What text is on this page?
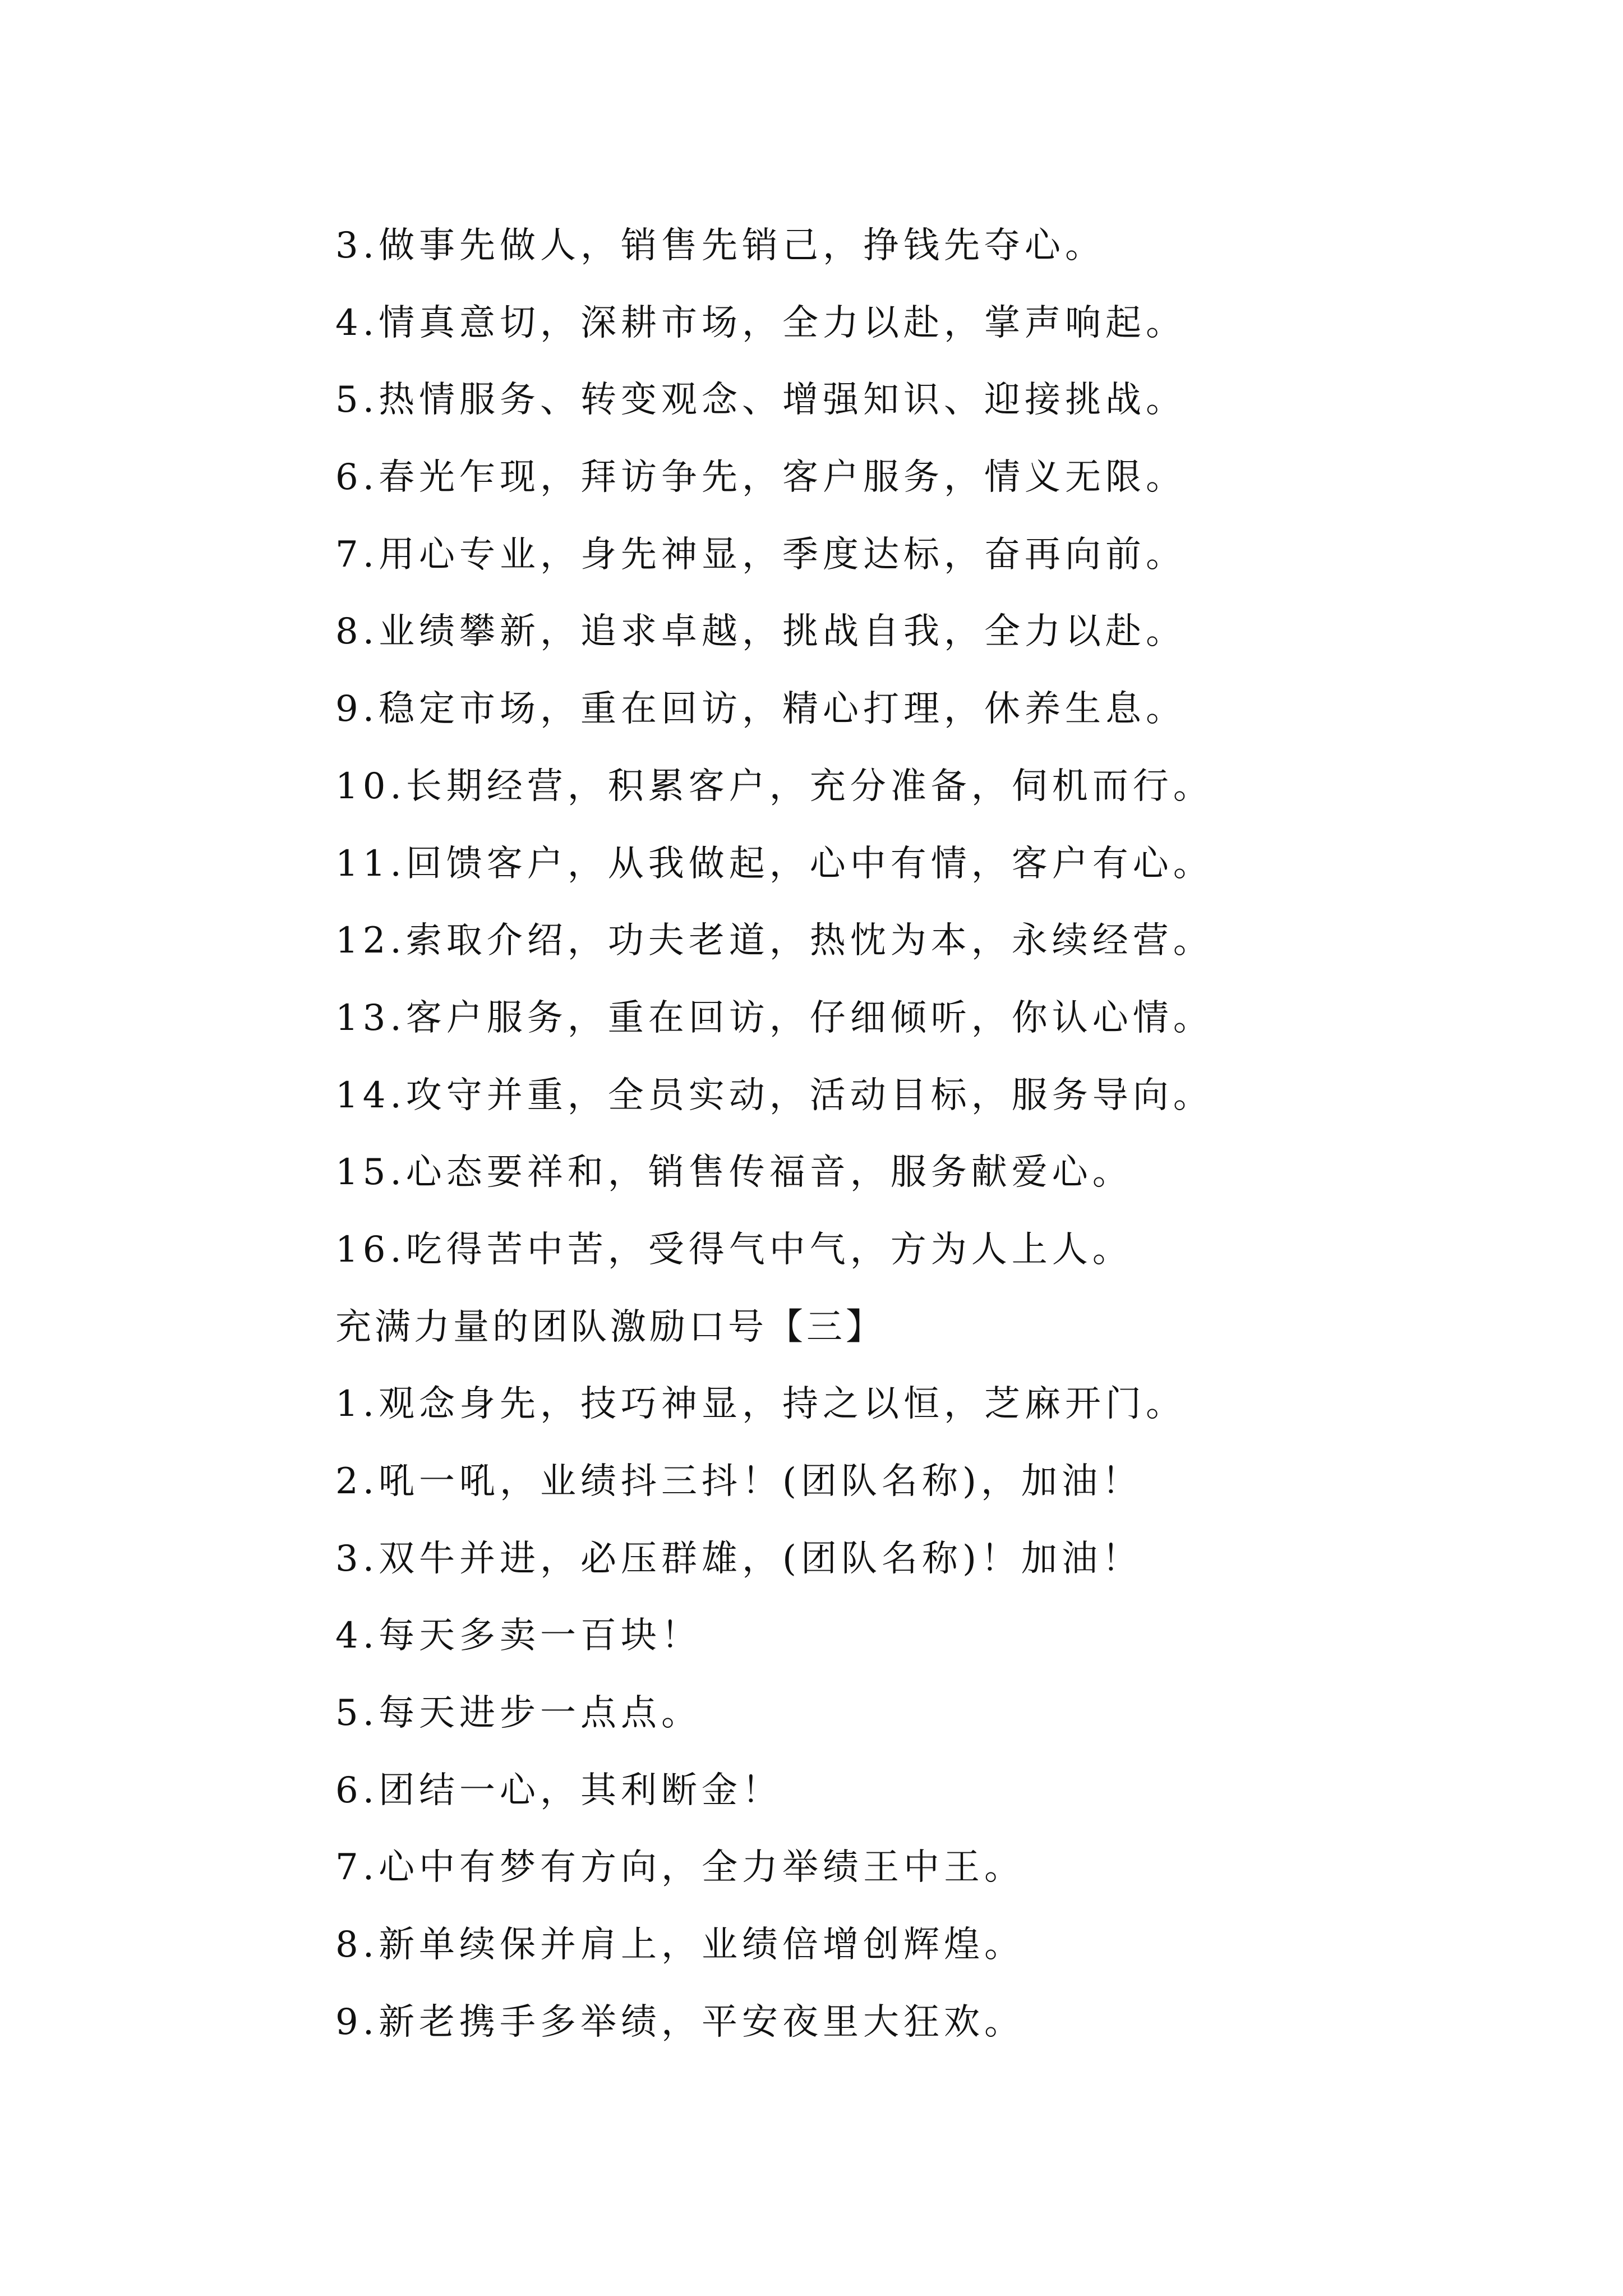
3.做事先做人，销售先销己，挣钱先夺心。
4.情真意切，深耕市场，全力以赴，掌声响起。
5.热情服务、转变观念、增强知识、迎接挑战。
6.春光乍现，拜访争先，客户服务，情义无限。
7.用心专业，身先神显，季度达标，奋再向前。
8.业绩攀新，追求卓越，挑战自我，全力以赴。
9.稳定市场，重在回访，精心打理，休养生息。
10.长期经营，积累客户，充分准备，伺机而行。
11.回馈客户，从我做起，心中有情，客户有心。
12.索取介绍，功夫老道，热忱为本，永续经营。
13.客户服务，重在回访，仔细倾听，你认心情。
14.攻守并重，全员实动，活动目标，服务导向。
15.心态要祥和，销售传福音，服务献爱心。
16.吃得苦中苦，受得气中气，方为人上人。
充满力量的团队激励口号【三】
1.观念身先，技巧神显，持之以恒，芝麻开门。
2.吼一吼，业绩抖三抖！(团队名称)，加油！
3.双牛并进，必压群雄，(团队名称)！加油！
4.每天多卖一百块！
5.每天进步一点点。
6.团结一心，其利断金！
7.心中有梦有方向，全力举绩王中王。
8.新单续保并肩上，业绩倍增创辉煌。
9.新老携手多举绩，平安夜里大狂欢。
